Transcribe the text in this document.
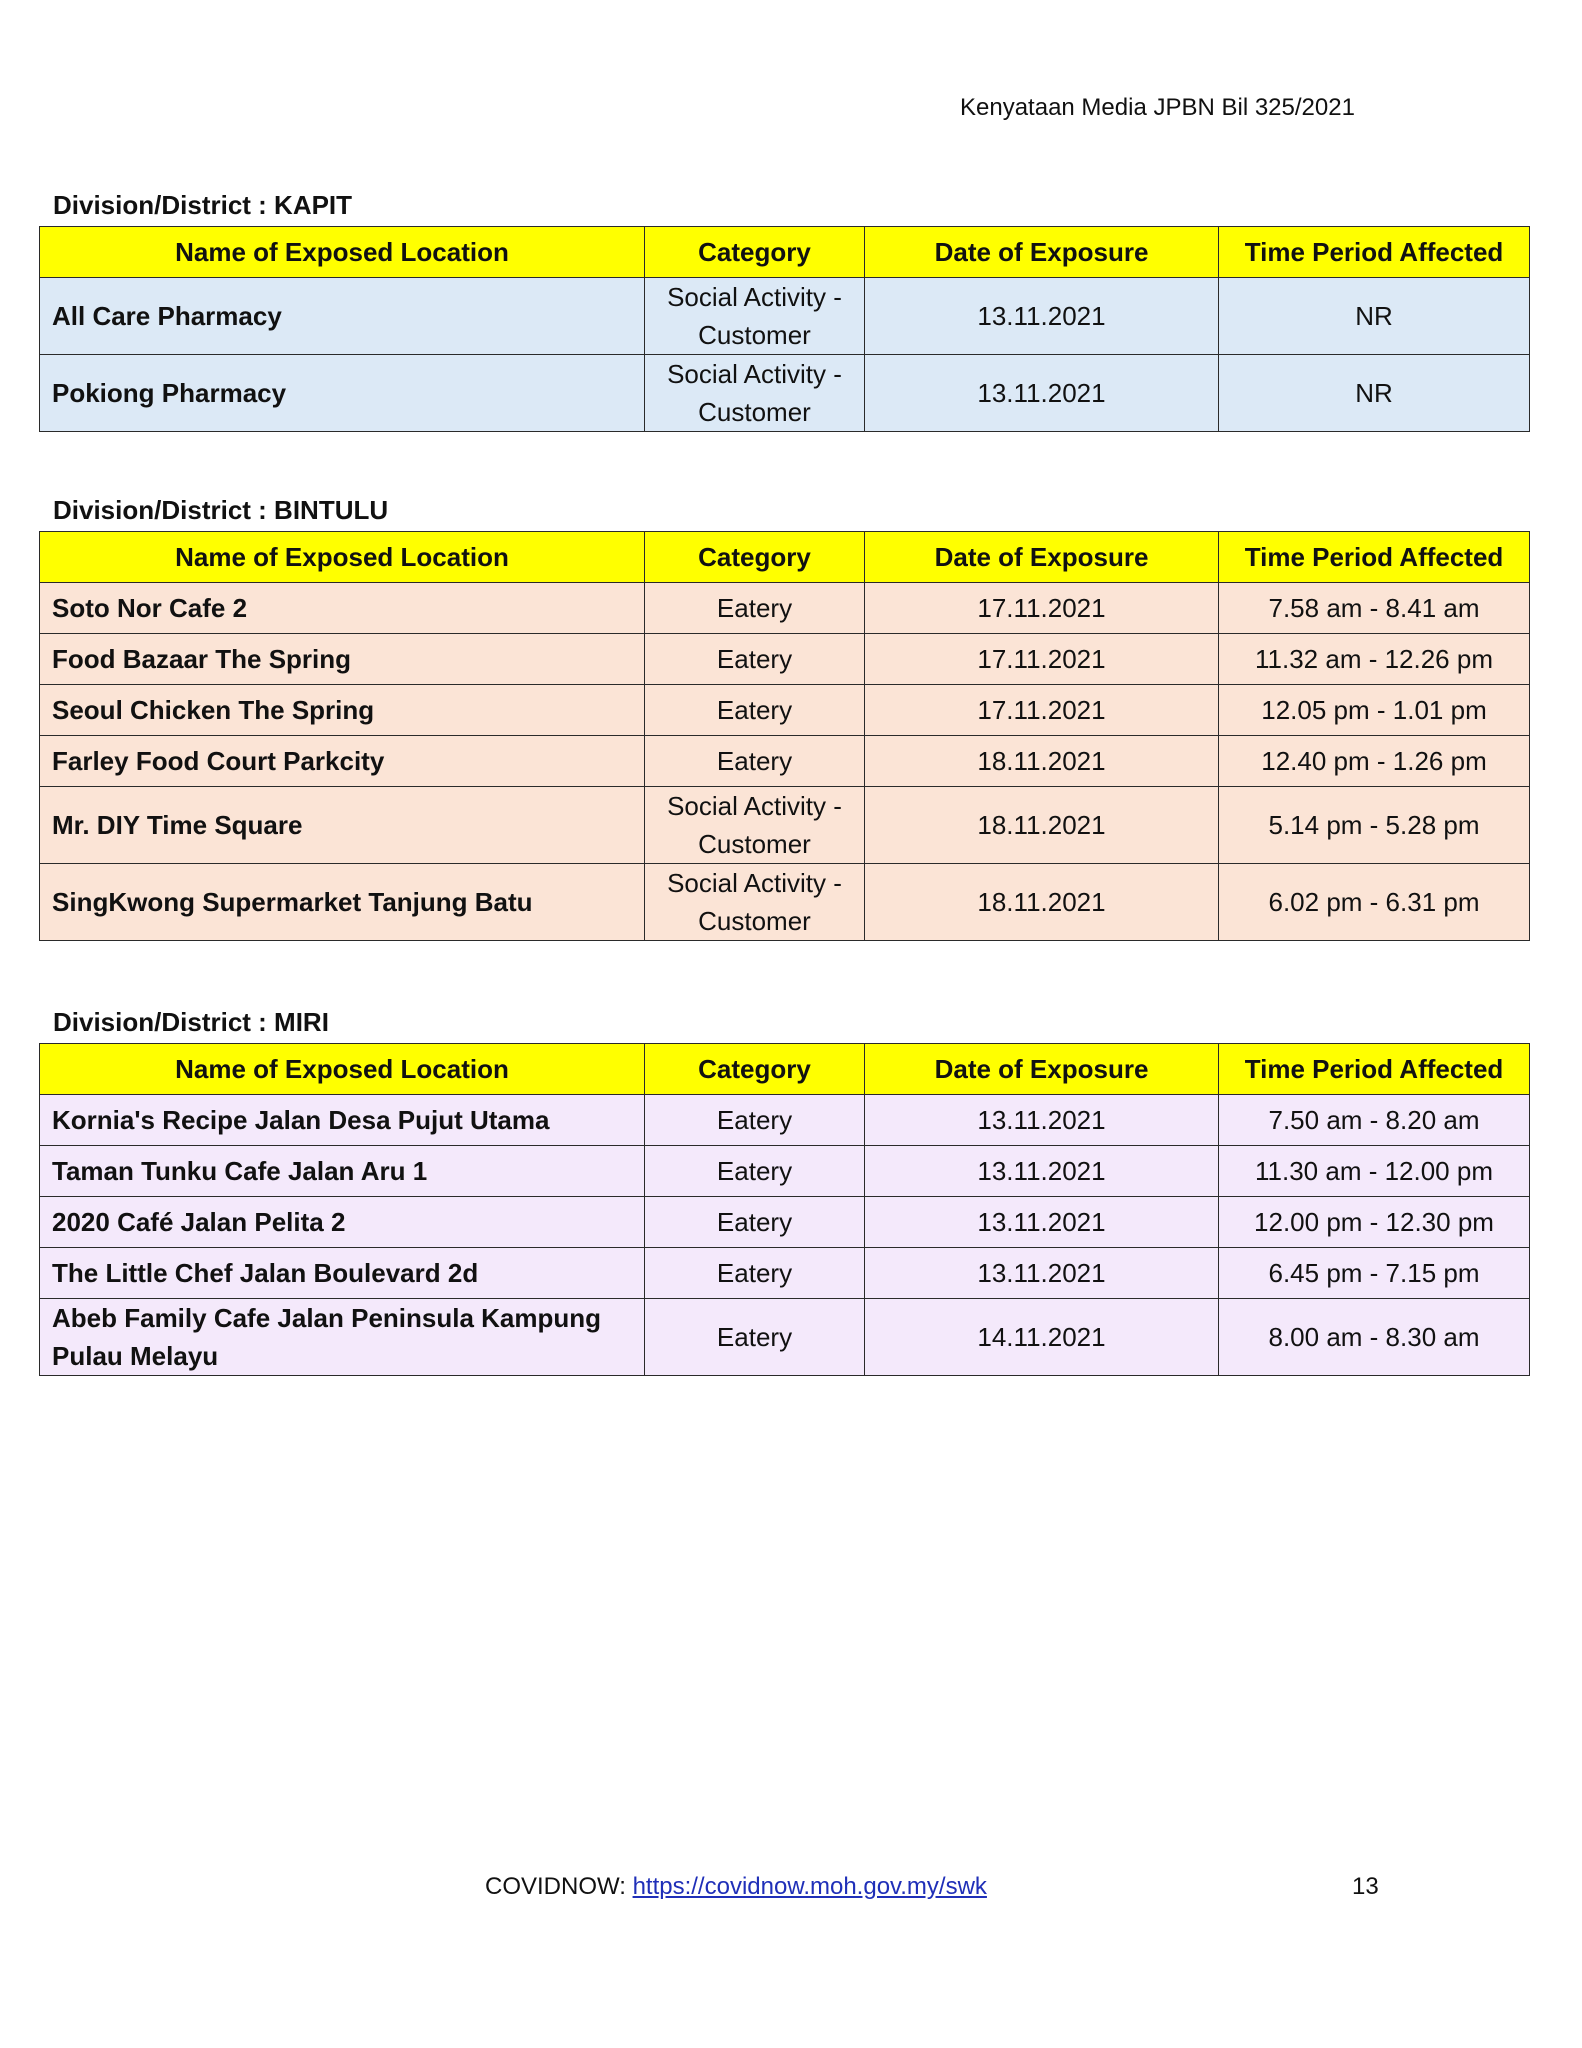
Kenyataan Media JPBN Bil 325/2021
Division/District : KAPIT
Name of Exposed Location	Category	Date of Exposure	Time Period Affected
All Care Pharmacy	Social Activity - Customer	13.11.2021	NR
Pokiong Pharmacy	Social Activity - Customer	13.11.2021	NR
Division/District : BINTULU
Name of Exposed Location	Category	Date of Exposure	Time Period Affected
Soto Nor Cafe 2	Eatery	17.11.2021	7.58 am - 8.41 am
Food Bazaar The Spring	Eatery	17.11.2021	11.32 am - 12.26 pm
Seoul Chicken The Spring	Eatery	17.11.2021	12.05 pm - 1.01 pm
Farley Food Court Parkcity	Eatery	18.11.2021	12.40 pm - 1.26 pm
Mr. DIY Time Square	Social Activity - Customer	18.11.2021	5.14 pm - 5.28 pm
SingKwong Supermarket Tanjung Batu	Social Activity - Customer	18.11.2021	6.02 pm - 6.31 pm
Division/District : MIRI
Name of Exposed Location	Category	Date of Exposure	Time Period Affected
Kornia's Recipe Jalan Desa Pujut Utama	Eatery	13.11.2021	7.50 am - 8.20 am
Taman Tunku Cafe Jalan Aru 1	Eatery	13.11.2021	11.30 am - 12.00 pm
2020 Café Jalan Pelita 2	Eatery	13.11.2021	12.00 pm - 12.30 pm
The Little Chef Jalan Boulevard 2d	Eatery	13.11.2021	6.45 pm - 7.15 pm
Abeb Family Cafe Jalan Peninsula Kampung Pulau Melayu	Eatery	14.11.2021	8.00 am - 8.30 am
COVIDNOW: https://covidnow.moh.gov.my/swk	13
